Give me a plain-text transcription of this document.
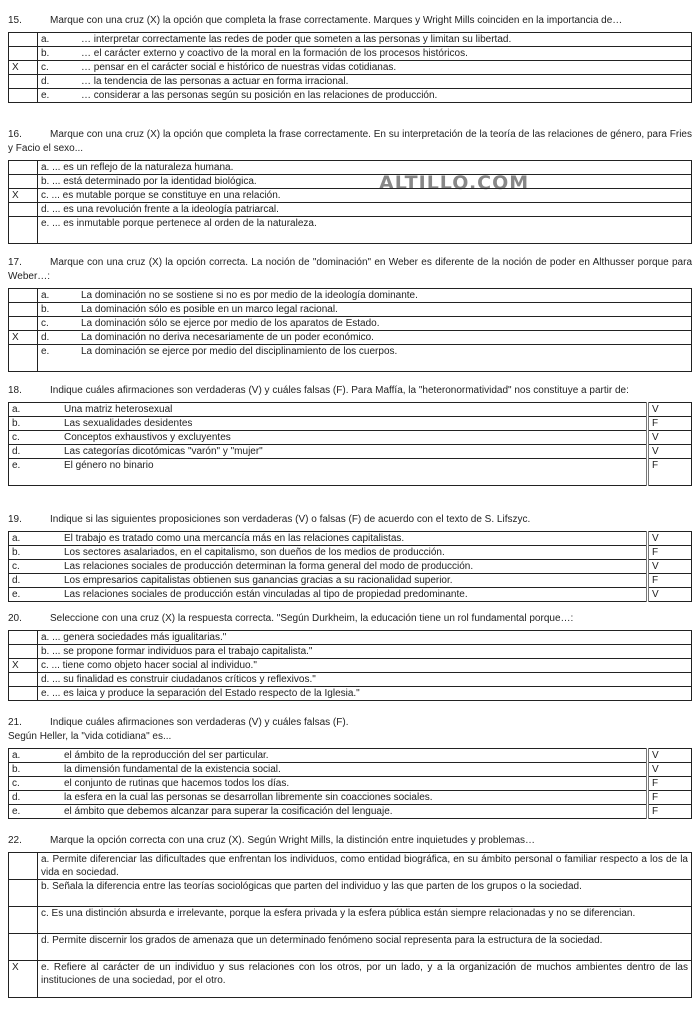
ALTILLO.COM

15.	Marque con una cruz (X) la opción que completa la frase correctamente. Marques y Wright Mills coinciden en la importancia de…

	a. … interpretar correctamente las redes de poder que someten a las personas y limitan su libertad.
	b. … el carácter externo y coactivo de la moral en la formación de los procesos históricos.
X	c. … pensar en el carácter social e histórico de nuestras vidas cotidianas.
	d. … la tendencia de las personas a actuar en forma irracional.
	e. … considerar a las personas según su posición en las relaciones de producción.

16.	Marque con una cruz (X) la opción que completa la frase correctamente. En su interpretación de la teoría de las relaciones de género, para Fries y Facio el sexo...

	a. ... es un reflejo de la naturaleza humana.
	b. ... está determinado por la identidad biológica.
X	c. ... es mutable porque se constituye en una relación.
	d. ... es una revolución frente a la ideología patriarcal.
	e. ... es inmutable porque pertenece al orden de la naturaleza.

17.	Marque con una cruz (X) la opción correcta. La noción de "dominación" en Weber es diferente de la noción de poder en Althusser porque para Weber…:

	a. La dominación no se sostiene si no es por medio de la ideología dominante.
	b. La dominación sólo es posible en un marco legal racional.
	c. La dominación sólo se ejerce por medio de los aparatos de Estado.
X	d. La dominación no deriva necesariamente de un poder económico.
	e. La dominación se ejerce por medio del disciplinamiento de los cuerpos.

18.	Indique cuáles afirmaciones son verdaderas (V) y cuáles falsas (F). Para Maffía, la "heteronormatividad" nos constituye a partir de:

a. Una matriz heterosexual	V
b. Las sexualidades desidentes	F
c. Conceptos exhaustivos y excluyentes	V
d. Las categorías dicotómicas "varón" y "mujer"	V
e. El género no binario	F

19.	Indique si las siguientes proposiciones son verdaderas (V) o falsas (F) de acuerdo con el texto de S. Lifszyc.

a. El trabajo es tratado como una mercancía más en las relaciones capitalistas.	V
b. Los sectores asalariados, en el capitalismo, son dueños de los medios de producción.	F
c. Las relaciones sociales de producción determinan la forma general del modo de producción.	V
d. Los empresarios capitalistas obtienen sus ganancias gracias a su racionalidad superior.	F
e. Las relaciones sociales de producción están vinculadas al tipo de propiedad predominante.	V

20.	Seleccione con una cruz (X) la respuesta correcta. "Según Durkheim, la educación tiene un rol fundamental porque…:

	a. ... genera sociedades más igualitarias."
	b. ... se propone formar individuos para el trabajo capitalista."
X	c. ... tiene como objeto hacer social al individuo."
	d. ... su finalidad es construir ciudadanos críticos y reflexivos."
	e. ... es laica y produce la separación del Estado respecto de la Iglesia."

21.	Indique cuáles afirmaciones son verdaderas (V) y cuáles falsas (F).
Según Heller, la "vida cotidiana" es...

a. el ámbito de la reproducción del ser particular.	V
b. la dimensión fundamental de la existencia social.	V
c. el conjunto de rutinas que hacemos todos los días.	F
d. la esfera en la cual las personas se desarrollan libremente sin coacciones sociales.	F
e. el ámbito que debemos alcanzar para superar la cosificación del lenguaje.	F

22.	Marque la opción correcta con una cruz (X). Según Wright Mills, la distinción entre inquietudes y problemas…

	a. Permite diferenciar las dificultades que enfrentan los individuos, como entidad biográfica, en su ámbito personal o familiar respecto a los de la vida en sociedad.
	b. Señala la diferencia entre las teorías sociológicas que parten del individuo y las que parten de los grupos o la sociedad.
	c. Es una distinción absurda e irrelevante, porque la esfera privada y la esfera pública están siempre relacionadas y no se diferencian.
	d. Permite discernir los grados de amenaza que un determinado fenómeno social representa para la estructura de la sociedad.
X	e. Refiere al carácter de un individuo y sus relaciones con los otros, por un lado, y a la organización de muchos ambientes dentro de las instituciones de una sociedad, por el otro.
